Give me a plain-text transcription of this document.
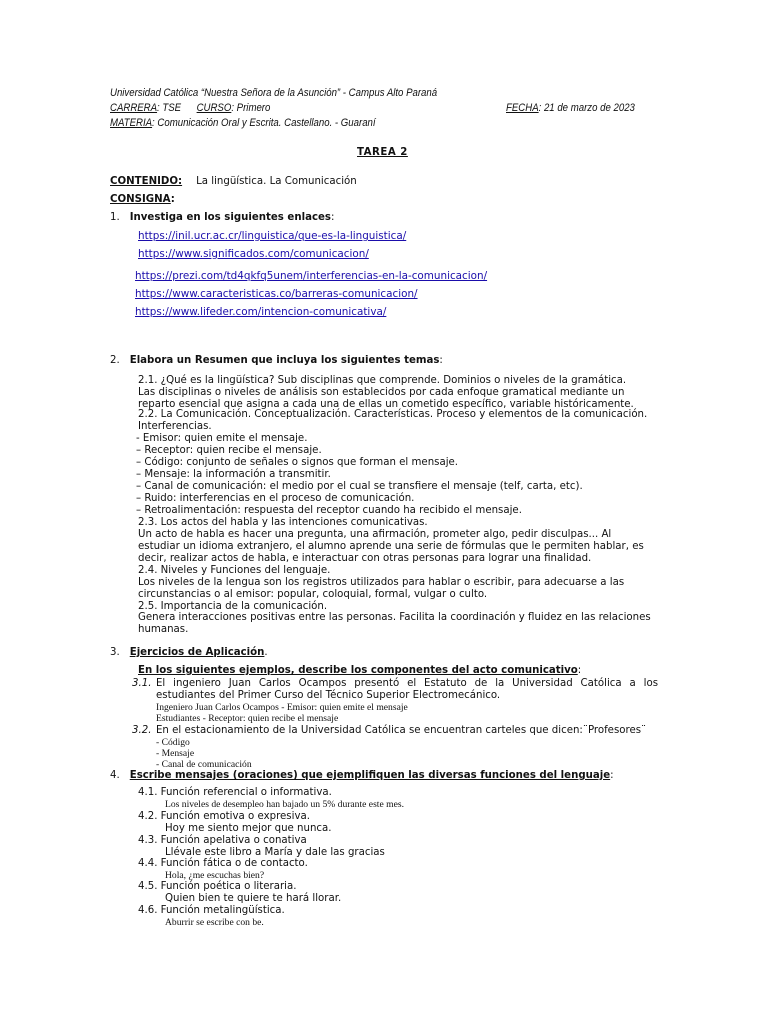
Universidad Católica “Nuestra Señora de la Asunción” - Campus Alto Paraná
CARRERA: TSE CURSO: Primero	FECHA: 21 de marzo de 2023
MATERIA: Comunicación Oral y Escrita. Castellano. - Guaraní
TAREA 2
CONTENIDO: La lingüística. La Comunicación
CONSIGNA:
1. Investiga en los siguientes enlaces:
https://inil.ucr.ac.cr/linguistica/que-es-la-linguistica/
https://www.significados.com/comunicacion/
https://prezi.com/td4qkfq5unem/interferencias-en-la-comunicacion/
https://www.caracteristicas.co/barreras-comunicacion/
https://www.lifeder.com/intencion-comunicativa/
2. Elabora un Resumen que incluya los siguientes temas:
2.1. ¿Qué es la lingüística? Sub disciplinas que comprende. Dominios o niveles de la gramática.
Las disciplinas o niveles de análisis son establecidos por cada enfoque gramatical mediante un
reparto esencial que asigna a cada una de ellas un cometido específico, variable históricamente.
2.2. La Comunicación. Conceptualización. Características. Proceso y elementos de la comunicación.
Interferencias.
- Emisor: quien emite el mensaje.
– Receptor: quien recibe el mensaje.
– Código: conjunto de señales o signos que forman el mensaje.
– Mensaje: la información a transmitir.
– Canal de comunicación: el medio por el cual se transfiere el mensaje (telf, carta, etc).
– Ruido: interferencias en el proceso de comunicación.
– Retroalimentación: respuesta del receptor cuando ha recibido el mensaje.
2.3. Los actos del habla y las intenciones comunicativas.
Un acto de habla es hacer una pregunta, una afirmación, prometer algo, pedir disculpas... Al
estudiar un idioma extranjero, el alumno aprende una serie de fórmulas que le permiten hablar, es
decir, realizar actos de habla, e interactuar con otras personas para lograr una finalidad.
2.4. Niveles y Funciones del lenguaje.
Los niveles de la lengua son los registros utilizados para hablar o escribir, para adecuarse a las
circunstancias o al emisor: popular, coloquial, formal, vulgar o culto.
2.5. Importancia de la comunicación.
Genera interacciones positivas entre las personas. Facilita la coordinación y fluidez en las relaciones
humanas.
3. Ejercicios de Aplicación.
En los siguientes ejemplos, describe los componentes del acto comunicativo:
3.1. El ingeniero Juan Carlos Ocampos presentó el Estatuto de la Universidad Católica a los
estudiantes del Primer Curso del Técnico Superior Electromecánico.
Ingeniero Juan Carlos Ocampos - Emisor: quien emite el mensaje
Estudiantes - Receptor: quien recibe el mensaje
3.2. En el estacionamiento de la Universidad Católica se encuentran carteles que dicen:¨Profesores¨
- Código
- Mensaje
- Canal de comunicación
4. Escribe mensajes (oraciones) que ejemplifiquen las diversas funciones del lenguaje:
4.1. Función referencial o informativa.
Los niveles de desempleo han bajado un 5% durante este mes.
4.2. Función emotiva o expresiva.
Hoy me siento mejor que nunca.
4.3. Función apelativa o conativa
Llévale este libro a María y dale las gracias
4.4. Función fática o de contacto.
Hola, ¿me escuchas bien?
4.5. Función poética o literaria.
Quien bien te quiere te hará llorar.
4.6. Función metalingüística.
Aburrir se escribe con be.
